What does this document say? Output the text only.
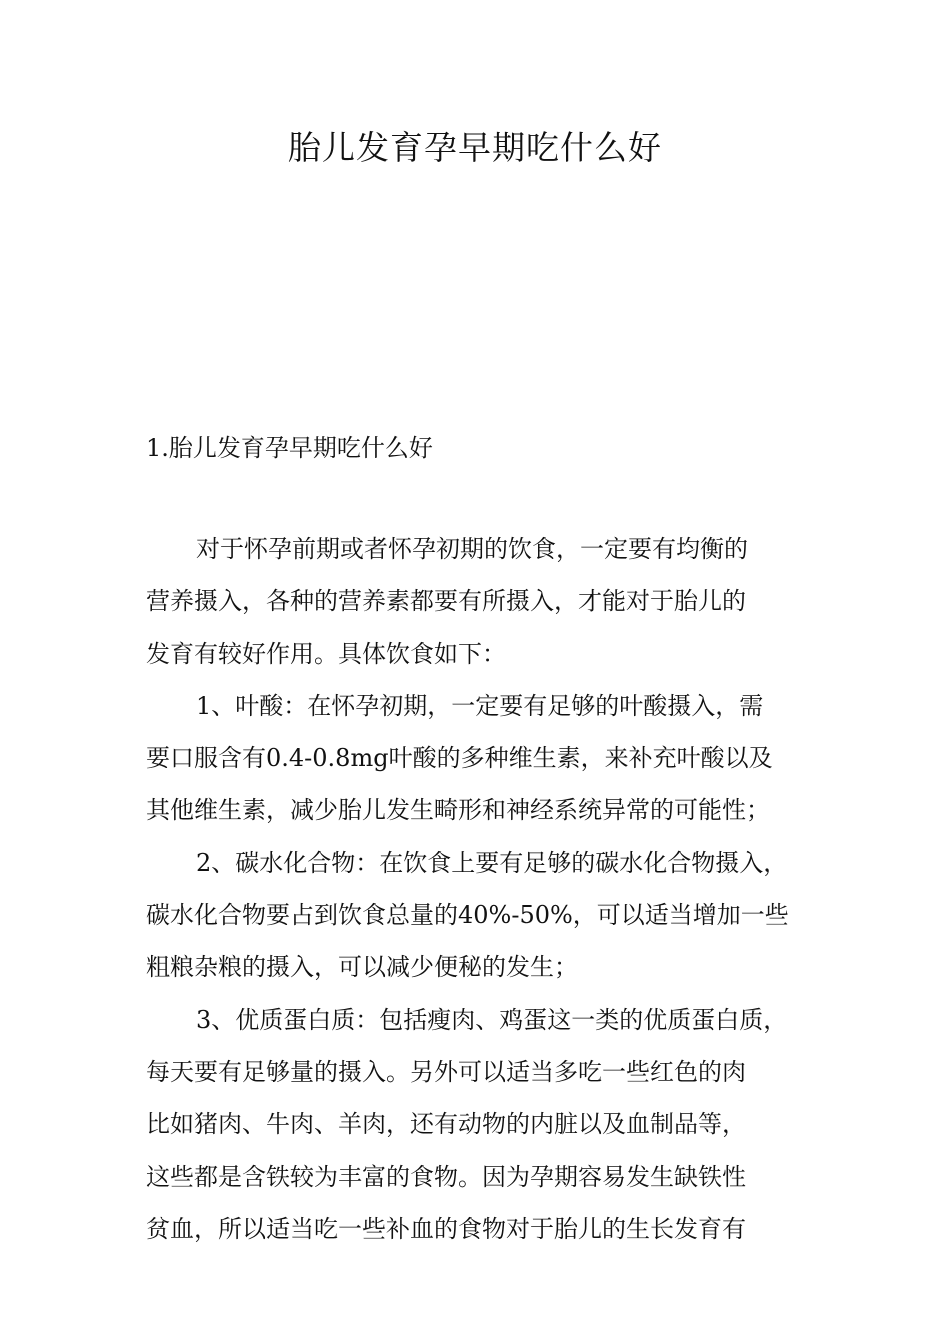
胎儿发育孕早期吃什么好
1.胎儿发育孕早期吃什么好
对于怀孕前期或者怀孕初期的饮食，一定要有均衡的
营养摄入，各种的营养素都要有所摄入，才能对于胎儿的
发育有较好作用。具体饮食如下：
1、叶酸：在怀孕初期，一定要有足够的叶酸摄入，需
要口服含有0.4-0.8mg叶酸的多种维生素，来补充叶酸以及
其他维生素，减少胎儿发生畸形和神经系统异常的可能性；
2、碳水化合物：在饮食上要有足够的碳水化合物摄入，
碳水化合物要占到饮食总量的40%-50%，可以适当增加一些
粗粮杂粮的摄入，可以减少便秘的发生；
3、优质蛋白质：包括瘦肉、鸡蛋这一类的优质蛋白质，
每天要有足够量的摄入。另外可以适当多吃一些红色的肉
比如猪肉、牛肉、羊肉，还有动物的内脏以及血制品等，
这些都是含铁较为丰富的食物。因为孕期容易发生缺铁性
贫血，所以适当吃一些补血的食物对于胎儿的生长发育有
